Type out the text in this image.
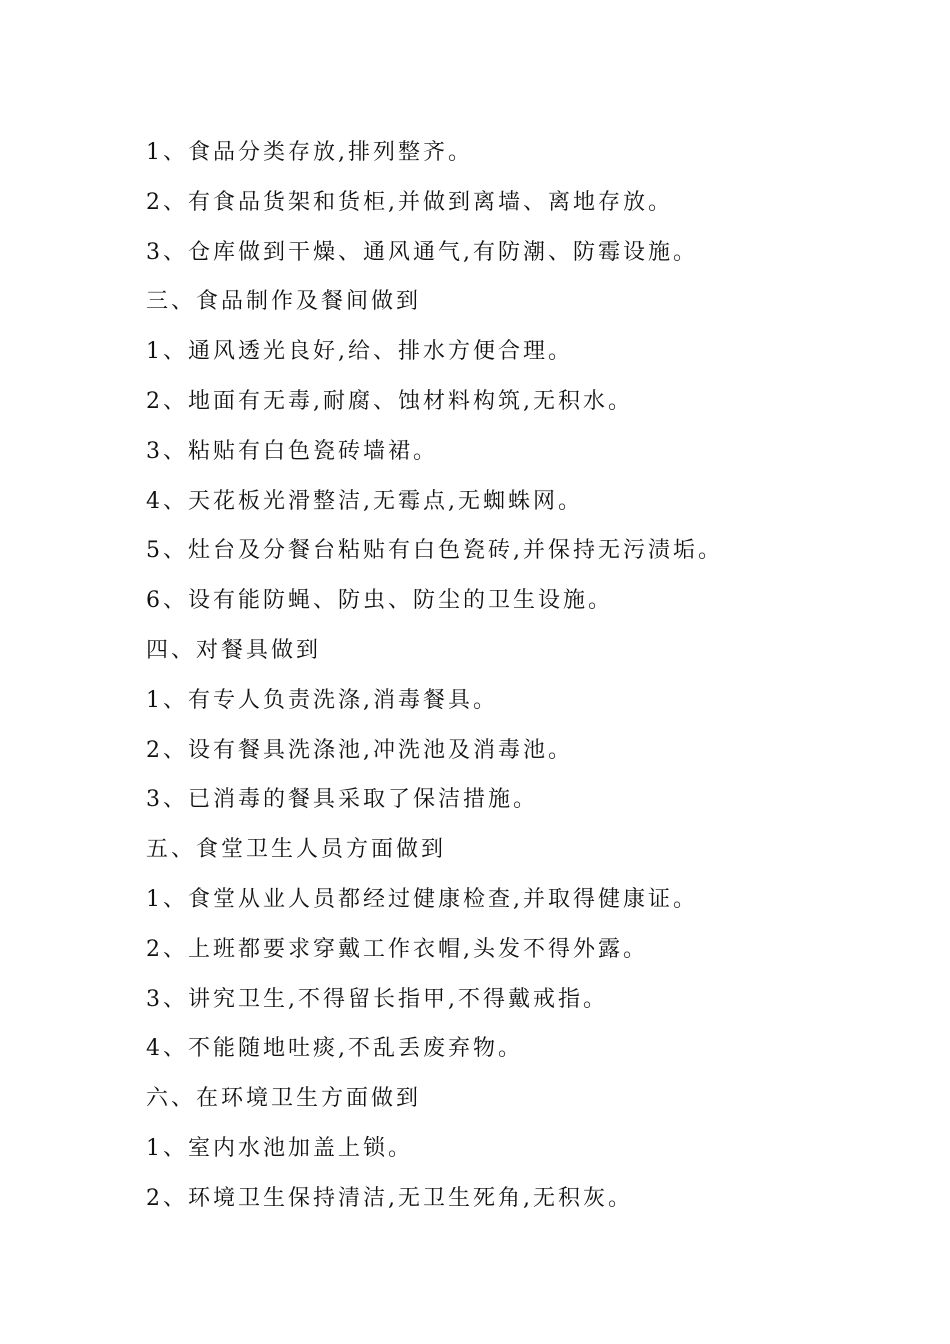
1、食品分类存放,排列整齐。
2、有食品货架和货柜,并做到离墙、离地存放。
3、仓库做到干燥、通风通气,有防潮、防霉设施。
三、食品制作及餐间做到
1、通风透光良好,给、排水方便合理。
2、地面有无毒,耐腐、蚀材料构筑,无积水。
3、粘贴有白色瓷砖墙裙。
4、天花板光滑整洁,无霉点,无蜘蛛网。
5、灶台及分餐台粘贴有白色瓷砖,并保持无污渍垢。
6、设有能防蝇、防虫、防尘的卫生设施。
四、对餐具做到
1、有专人负责洗涤,消毒餐具。
2、设有餐具洗涤池,冲洗池及消毒池。
3、已消毒的餐具采取了保洁措施。
五、食堂卫生人员方面做到
1、食堂从业人员都经过健康检查,并取得健康证。
2、上班都要求穿戴工作衣帽,头发不得外露。
3、讲究卫生,不得留长指甲,不得戴戒指。
4、不能随地吐痰,不乱丢废弃物。
六、在环境卫生方面做到
1、室内水池加盖上锁。
2、环境卫生保持清洁,无卫生死角,无积灰。
